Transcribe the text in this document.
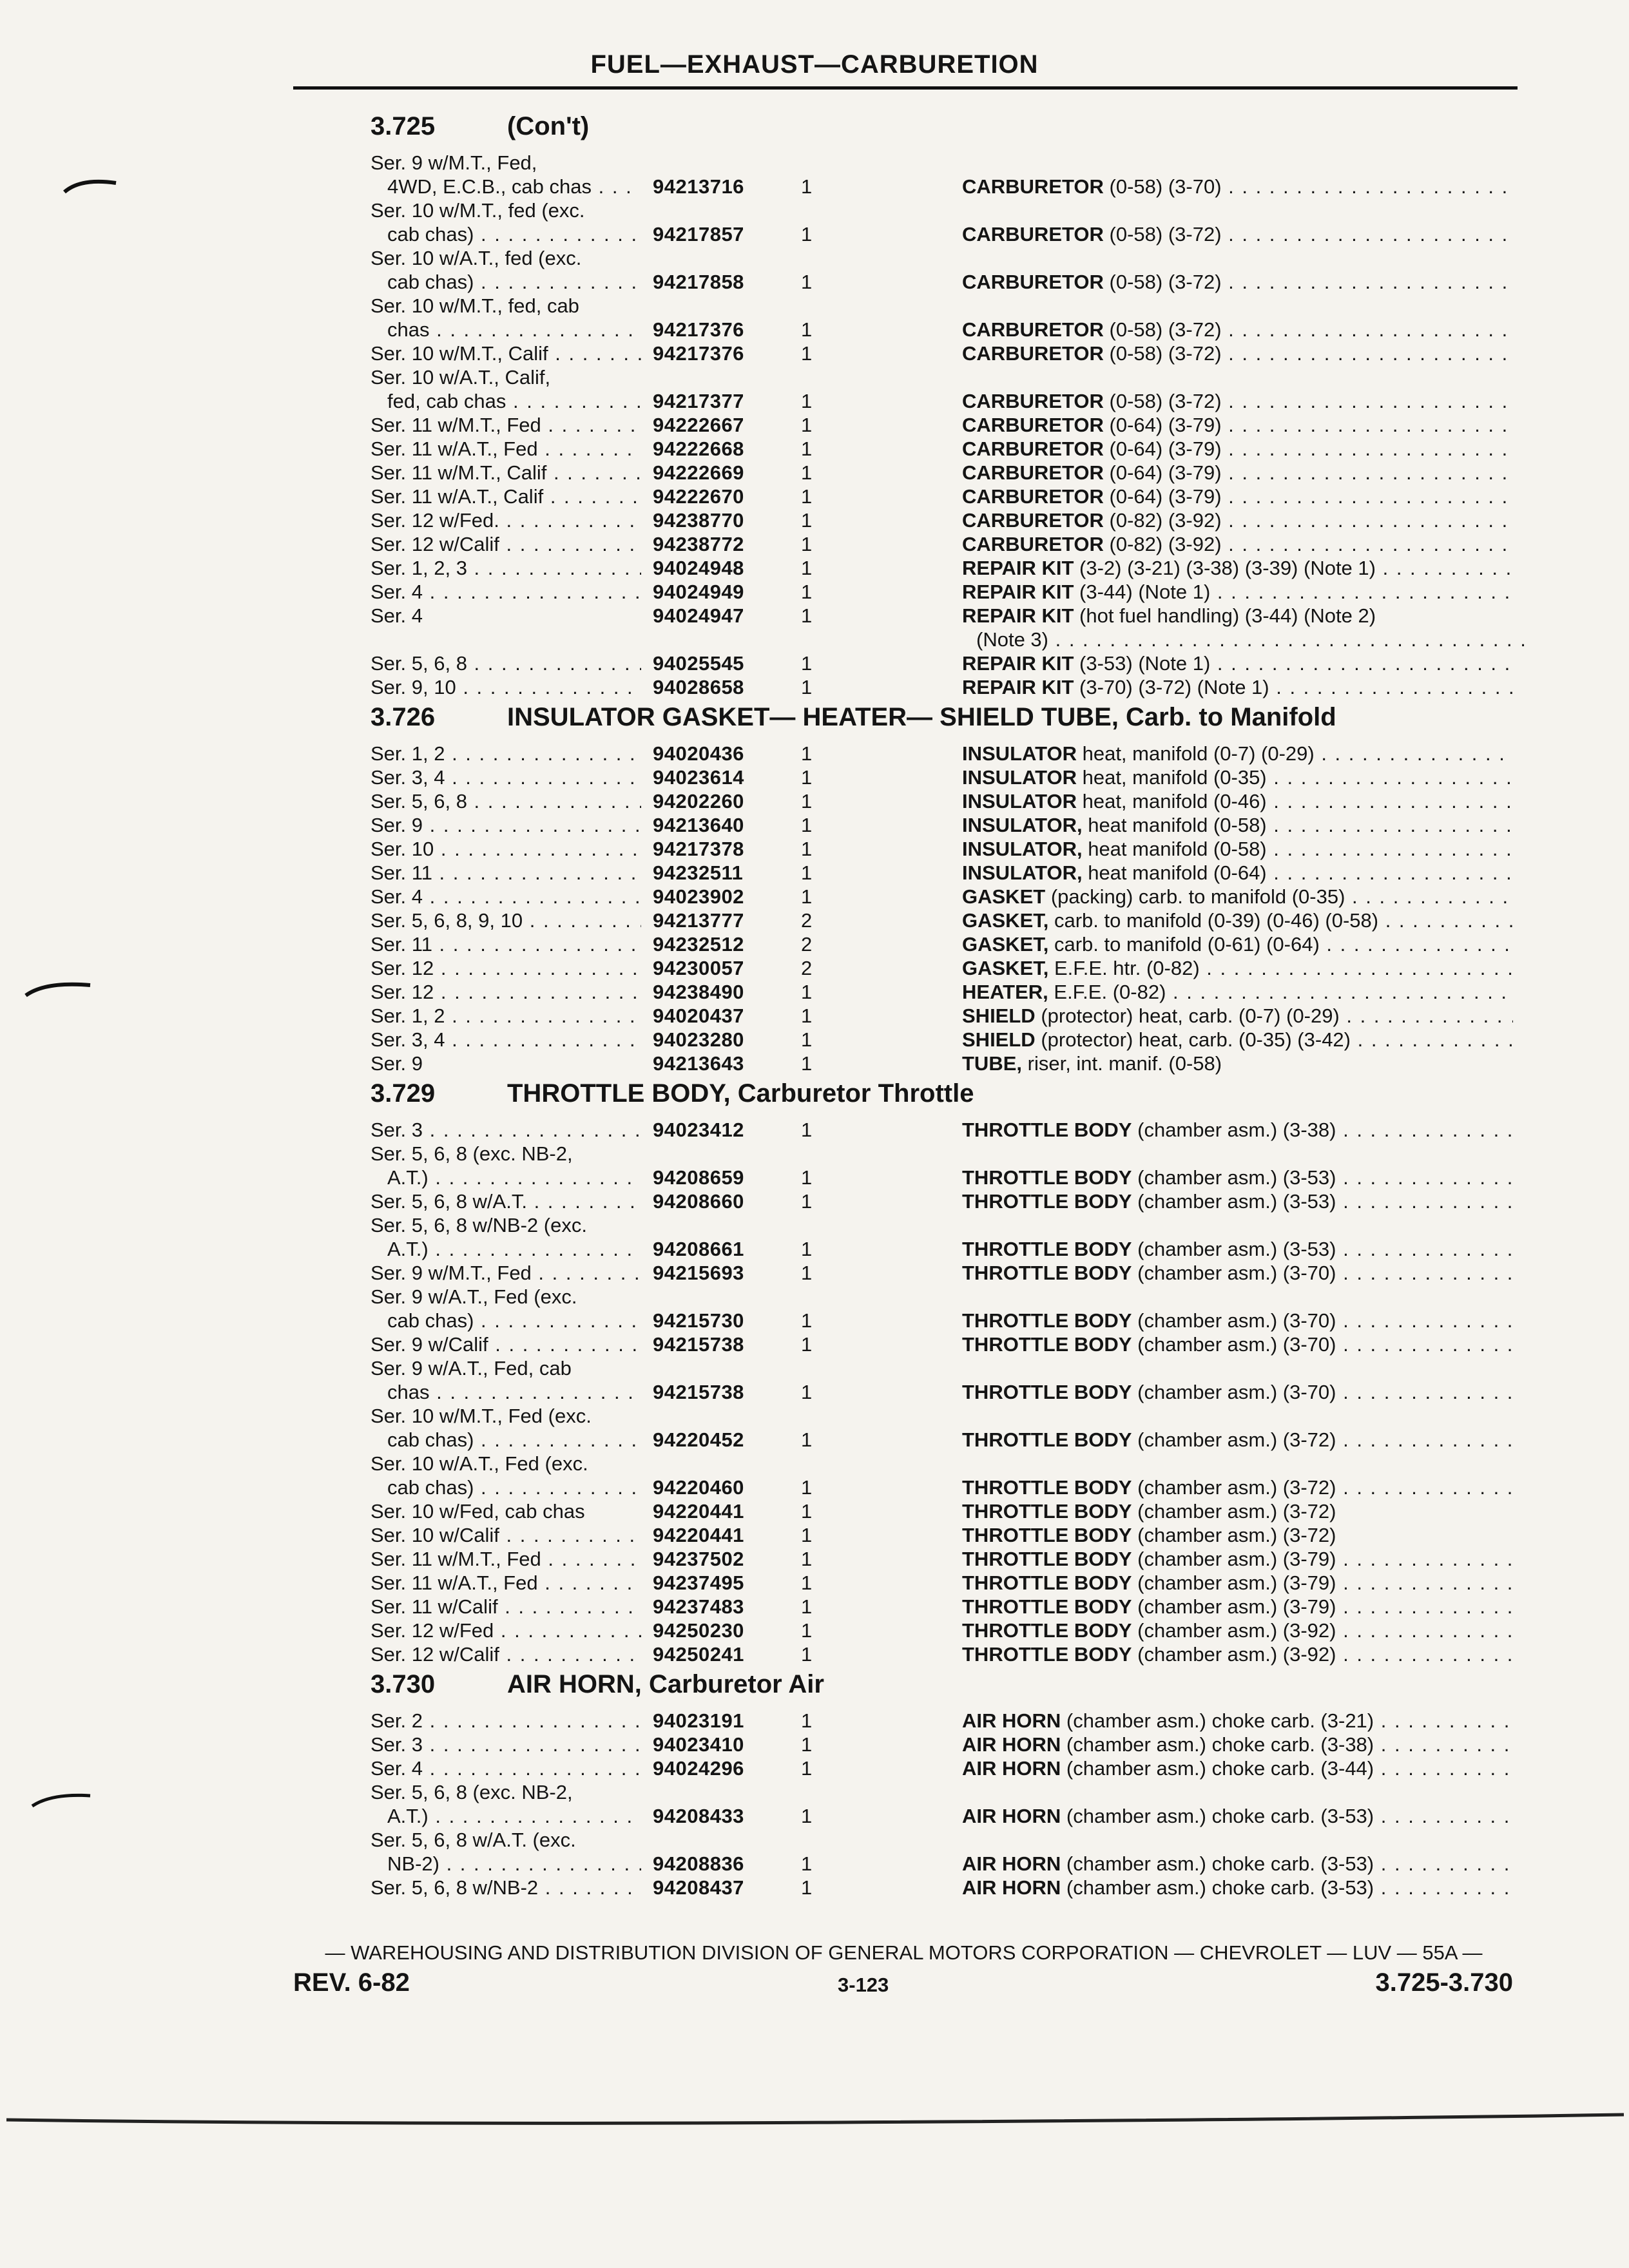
FUEL—EXHAUST—CARBURETION
3.725	(Con't)
Ser. 9 w/M.T., Fed,
4WD, E.C.B., cab chas . . .	94213716	1	CARBURETOR (0-58) (3-70) . . .
Ser. 10 w/M.T., fed (exc.
cab chas) . . .	94217857	1	CARBURETOR (0-58) (3-72) . . .
Ser. 10 w/A.T., fed (exc.
cab chas) . . .	94217858	1	CARBURETOR (0-58) (3-72) . . .
Ser. 10 w/M.T., fed, cab
chas . . .	94217376	1	CARBURETOR (0-58) (3-72) . . .
Ser. 10 w/M.T., Calif . . .	94217376	1	CARBURETOR (0-58) (3-72) . . .
Ser. 10 w/A.T., Calif,
fed, cab chas . . .	94217377	1	CARBURETOR (0-58) (3-72) . . .
Ser. 11 w/M.T., Fed . . .	94222667	1	CARBURETOR (0-64) (3-79) . . .
Ser. 11 w/A.T., Fed . . .	94222668	1	CARBURETOR (0-64) (3-79) . . .
Ser. 11 w/M.T., Calif . . .	94222669	1	CARBURETOR (0-64) (3-79) . . .
Ser. 11 w/A.T., Calif . . .	94222670	1	CARBURETOR (0-64) (3-79) . . .
Ser. 12 w/Fed. . . .	94238770	1	CARBURETOR (0-82) (3-92) . . .
Ser. 12 w/Calif . . .	94238772	1	CARBURETOR (0-82) (3-92) . . .
Ser. 1, 2, 3 . . .	94024948	1	REPAIR KIT (3-2) (3-21) (3-38) (3-39) (Note 1) . . .
Ser. 4 . . .	94024949	1	REPAIR KIT (3-44) (Note 1) . . .
Ser. 4	94024947	1	REPAIR KIT (hot fuel handling) (3-44) (Note 2)
(Note 3) . . .
Ser. 5, 6, 8 . . .	94025545	1	REPAIR KIT (3-53) (Note 1) . . .
Ser. 9, 10 . . .	94028658	1	REPAIR KIT (3-70) (3-72) (Note 1) . . .
3.726	INSULATOR GASKET— HEATER— SHIELD TUBE, Carb. to Manifold
Ser. 1, 2 . . .	94020436	1	INSULATOR heat, manifold (0-7) (0-29) . . .
Ser. 3, 4 . . .	94023614	1	INSULATOR heat, manifold (0-35) . . .
Ser. 5, 6, 8 . . .	94202260	1	INSULATOR heat, manifold (0-46) . . .
Ser. 9 . . .	94213640	1	INSULATOR, heat manifold (0-58) . . .
Ser. 10 . . .	94217378	1	INSULATOR, heat manifold (0-58) . . .
Ser. 11 . . .	94232511	1	INSULATOR, heat manifold (0-64) . . .
Ser. 4 . . .	94023902	1	GASKET (packing) carb. to manifold (0-35) . . .
Ser. 5, 6, 8, 9, 10 . . .	94213777	2	GASKET, carb. to manifold (0-39) (0-46) (0-58) . . .
Ser. 11 . . .	94232512	2	GASKET, carb. to manifold (0-61) (0-64) . . .
Ser. 12 . . .	94230057	2	GASKET, E.F.E. htr. (0-82) . . .
Ser. 12 . . .	94238490	1	HEATER, E.F.E. (0-82) . . .
Ser. 1, 2 . . .	94020437	1	SHIELD (protector) heat, carb. (0-7) (0-29) . . .
Ser. 3, 4 . . .	94023280	1	SHIELD (protector) heat, carb. (0-35) (3-42) . . .
Ser. 9	94213643	1	TUBE, riser, int. manif. (0-58)
3.729	THROTTLE BODY, Carburetor Throttle
Ser. 3 . . .	94023412	1	THROTTLE BODY (chamber asm.) (3-38) . . .
Ser. 5, 6, 8 (exc. NB-2,
A.T.) . . .	94208659	1	THROTTLE BODY (chamber asm.) (3-53) . . .
Ser. 5, 6, 8 w/A.T. . . .	94208660	1	THROTTLE BODY (chamber asm.) (3-53) . . .
Ser. 5, 6, 8 w/NB-2 (exc.
A.T.) . . .	94208661	1	THROTTLE BODY (chamber asm.) (3-53) . . .
Ser. 9 w/M.T., Fed . . .	94215693	1	THROTTLE BODY (chamber asm.) (3-70) . . .
Ser. 9 w/A.T., Fed (exc.
cab chas) . . .	94215730	1	THROTTLE BODY (chamber asm.) (3-70) . . .
Ser. 9 w/Calif . . .	94215738	1	THROTTLE BODY (chamber asm.) (3-70) . . .
Ser. 9 w/A.T., Fed, cab
chas . . .	94215738	1	THROTTLE BODY (chamber asm.) (3-70) . . .
Ser. 10 w/M.T., Fed (exc.
cab chas) . . .	94220452	1	THROTTLE BODY (chamber asm.) (3-72) . . .
Ser. 10 w/A.T., Fed (exc.
cab chas) . . .	94220460	1	THROTTLE BODY (chamber asm.) (3-72) . . .
Ser. 10 w/Fed, cab chas	94220441	1	THROTTLE BODY (chamber asm.) (3-72)
Ser. 10 w/Calif . . .	94220441	1	THROTTLE BODY (chamber asm.) (3-72)
Ser. 11 w/M.T., Fed . . .	94237502	1	THROTTLE BODY (chamber asm.) (3-79) . . .
Ser. 11 w/A.T., Fed . . .	94237495	1	THROTTLE BODY (chamber asm.) (3-79) . . .
Ser. 11 w/Calif . . .	94237483	1	THROTTLE BODY (chamber asm.) (3-79) . . .
Ser. 12 w/Fed . . .	94250230	1	THROTTLE BODY (chamber asm.) (3-92) . . .
Ser. 12 w/Calif . . .	94250241	1	THROTTLE BODY (chamber asm.) (3-92) . . .
3.730	AIR HORN, Carburetor Air
Ser. 2 . . .	94023191	1	AIR HORN (chamber asm.) choke carb. (3-21) . . .
Ser. 3 . . .	94023410	1	AIR HORN (chamber asm.) choke carb. (3-38) . . .
Ser. 4 . . .	94024296	1	AIR HORN (chamber asm.) choke carb. (3-44) . . .
Ser. 5, 6, 8 (exc. NB-2,
A.T.) . . .	94208433	1	AIR HORN (chamber asm.) choke carb. (3-53) . . .
Ser. 5, 6, 8 w/A.T. (exc.
NB-2) . . .	94208836	1	AIR HORN (chamber asm.) choke carb. (3-53) . . .
Ser. 5, 6, 8 w/NB-2 . . .	94208437	1	AIR HORN (chamber asm.) choke carb. (3-53) . . .
— WAREHOUSING AND DISTRIBUTION DIVISION OF GENERAL MOTORS CORPORATION — CHEVROLET — LUV — 55A —
REV. 6-82	3-123	3.725-3.730
